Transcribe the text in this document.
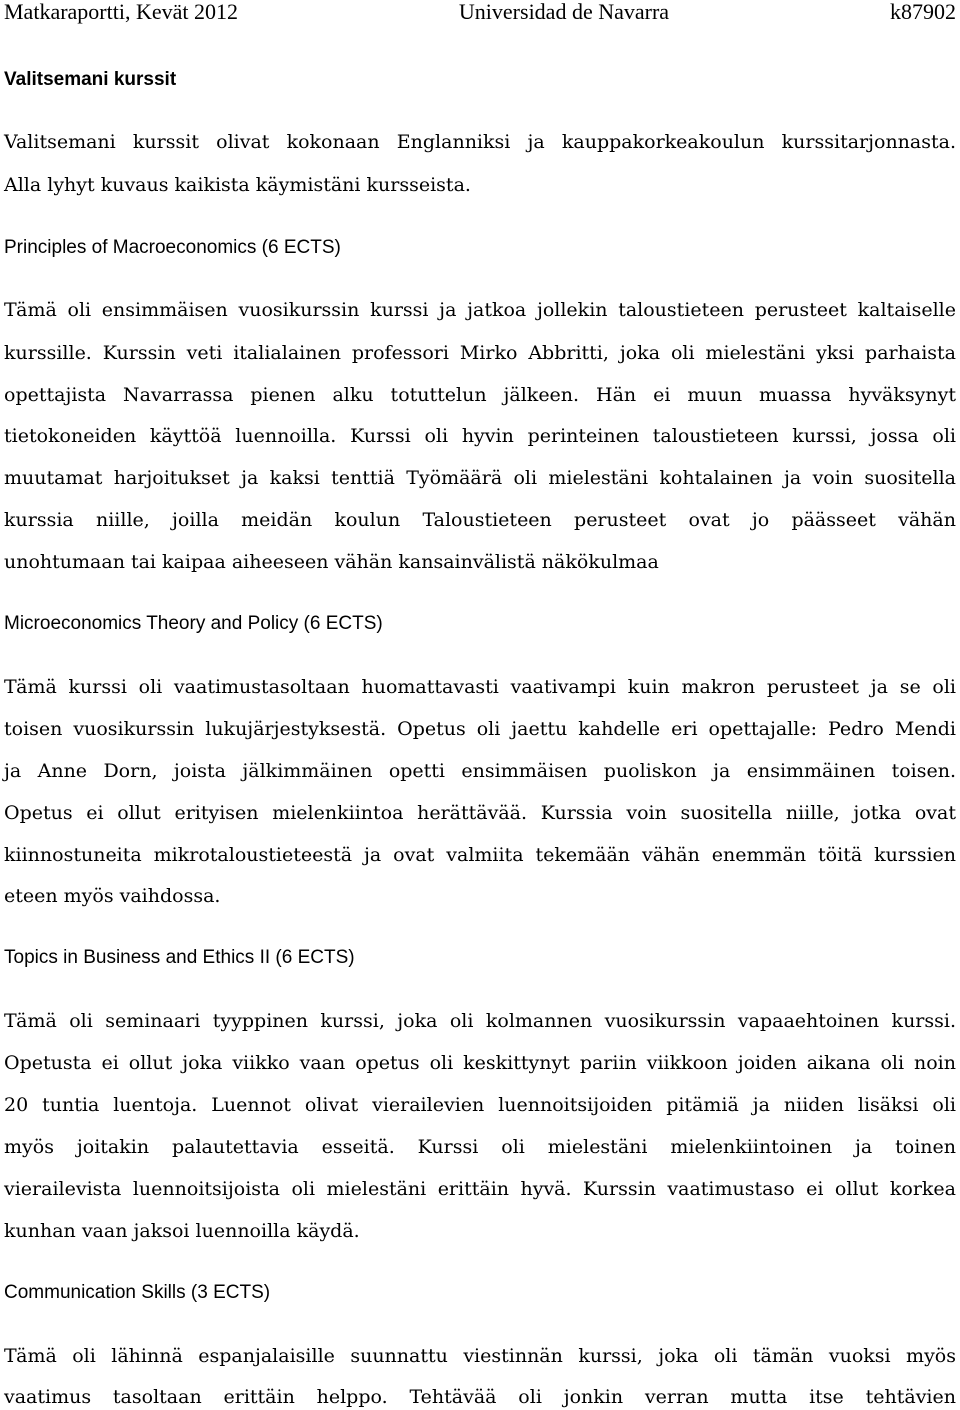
Matkaraportti, Kevät 2012	Universidad de Navarra	k87902
Valitsemani kurssit
Valitsemani kurssit olivat kokonaan Englanniksi ja kauppakorkeakoulun kurssitarjonnasta.
Alla lyhyt kuvaus kaikista käymistäni kursseista.
Principles of Macroeconomics (6 ECTS)
Tämä oli ensimmäisen vuosikurssin kurssi ja jatkoa jollekin taloustieteen perusteet kaltaiselle
kurssille. Kurssin veti italialainen professori Mirko Abbritti, joka oli mielestäni yksi parhaista
opettajista Navarrassa pienen alku totuttelun jälkeen. Hän ei muun muassa hyväksynyt
tietokoneiden käyttöä luennoilla. Kurssi oli hyvin perinteinen taloustieteen kurssi, jossa oli
muutamat harjoitukset ja kaksi tenttiä Työmäärä oli mielestäni kohtalainen ja voin suositella
kurssia niille, joilla meidän koulun Taloustieteen perusteet ovat jo päässeet vähän
unohtumaan tai kaipaa aiheeseen vähän kansainvälistä näkökulmaa
Microeconomics Theory and Policy (6 ECTS)
Tämä kurssi oli vaatimustasoltaan huomattavasti vaativampi kuin makron perusteet ja se oli
toisen vuosikurssin lukujärjestyksestä. Opetus oli jaettu kahdelle eri opettajalle: Pedro Mendi
ja Anne Dorn, joista jälkimmäinen opetti ensimmäisen puoliskon ja ensimmäinen toisen.
Opetus ei ollut erityisen mielenkiintoa herättävää. Kurssia voin suositella niille, jotka ovat
kiinnostuneita mikrotaloustieteestä ja ovat valmiita tekemään vähän enemmän töitä kurssien
eteen myös vaihdossa.
Topics in Business and Ethics II (6 ECTS)
Tämä oli seminaari tyyppinen kurssi, joka oli kolmannen vuosikurssin vapaaehtoinen kurssi.
Opetusta ei ollut joka viikko vaan opetus oli keskittynyt pariin viikkoon joiden aikana oli noin
20 tuntia luentoja. Luennot olivat vierailevien luennoitsijoiden pitämiä ja niiden lisäksi oli
myös joitakin palautettavia esseitä. Kurssi oli mielestäni mielenkiintoinen ja toinen
vierailevista luennoitsijoista oli mielestäni erittäin hyvä. Kurssin vaatimustaso ei ollut korkea
kunhan vaan jaksoi luennoilla käydä.
Communication Skills (3 ECTS)
Tämä oli lähinnä espanjalaisille suunnattu viestinnän kurssi, joka oli tämän vuoksi myös
vaatimus tasoltaan erittäin helppo. Tehtävää oli jonkin verran mutta itse tehtävien
